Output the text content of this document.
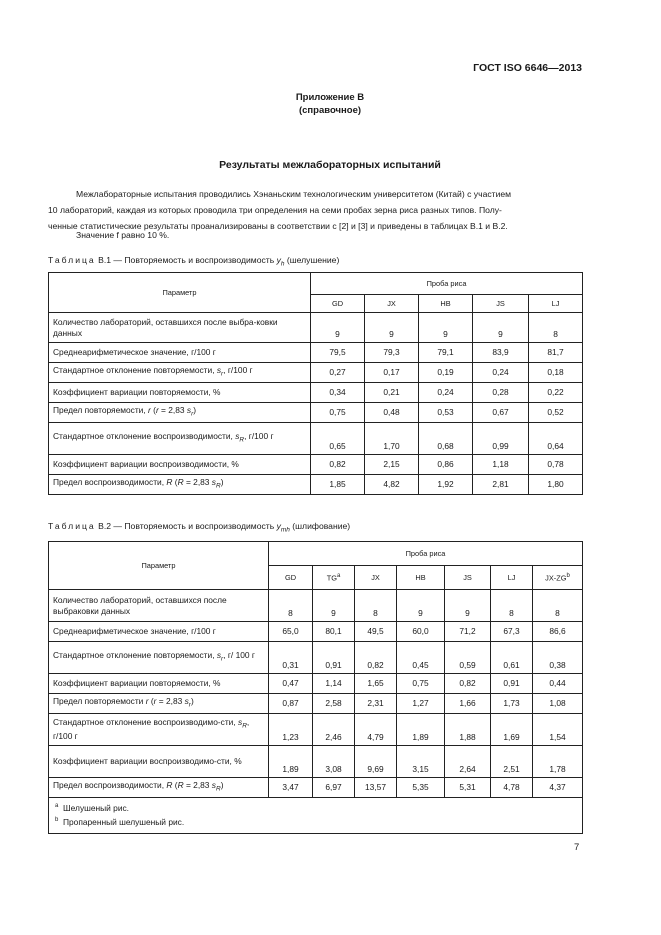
ГОСТ ISO 6646—2013
Приложение В
(справочное)
Результаты межлабораторных испытаний
Межлабораторные испытания проводились Хэнаньским технологическим университетом (Китай) с участием
10 лабораторий, каждая из которых проводила три определения на семи пробах зерна риса разных типов. Полу-
ченные статистические результаты проанализированы в соответствии с [2] и [3] и приведены в таблицах В.1 и В.2.
Значение f равно 10 %.
Таблица В.1 — Повторяемость и воспроизводимость $y_h$ (шелушение)
Параметр	Проба риса				
	GD	JX	HB	JS	LJ
Количество лабораторий, оставшихся после выбра-ковки данных	9	9	9	9	8
Среднеарифметическое значение, г/100 г	79,5	79,3	79,1	83,9	81,7
Стандартное отклонение повторяемости, $s_r$, г/100 г	0,27	0,17	0,19	0,24	0,18
Коэффициент вариации повторяемости, %	0,34	0,21	0,24	0,28	0,22
Предел повторяемости, r (r = 2,83 $s_r$)	0,75	0,48	0,53	0,67	0,52
Стандартное отклонение воспроизводимости, $s_R$, г/100 г	0,65	1,70	0,68	0,99	0,64
Коэффициент вариации воспроизводимости, %	0,82	2,15	0,86	1,18	0,78
Предел воспроизводимости, R (R = 2,83 $s_R$)	1,85	4,82	1,92	2,81	1,80
Таблица В.2 — Повторяемость и воспроизводимость $y_{mh}$ (шлифование)
Параметр	Проба риса						
	GD	$TG^a$	JX	HB	JS	LJ	$JX-ZG^b$
Количество лабораторий, оставшихся после выбраковки данных	8	9	8	9	9	8	8
Среднеарифметическое значение, г/100 г	65,0	80,1	49,5	60,0	71,2	67,3	86,6
Стандартное отклонение повторяемости, $s_r$, г/ 100 г	0,31	0,91	0,82	0,45	0,59	0,61	0,38
Коэффициент вариации повторяемости, %	0,47	1,14	1,65	0,75	0,82	0,91	0,44
Предел повторяемости r (r = 2,83 $s_r$)	0,87	2,58	2,31	1,27	1,66	1,73	1,08
Стандартное отклонение воспроизводимо-сти, $s_R$, г/100 г	1,23	2,46	4,79	1,89	1,88	1,69	1,54
Коэффициент вариации воспроизводимо-сти, %	1,89	3,08	9,69	3,15	2,64	2,51	1,78
Предел воспроизводимости, R (R = 2,83 $s_R$)	3,47	6,97	13,57	5,35	5,31	4,78	4,37

$^a$ Шелушеный рис.
$^b$ Пропаренный шелушеный рис.							
7
